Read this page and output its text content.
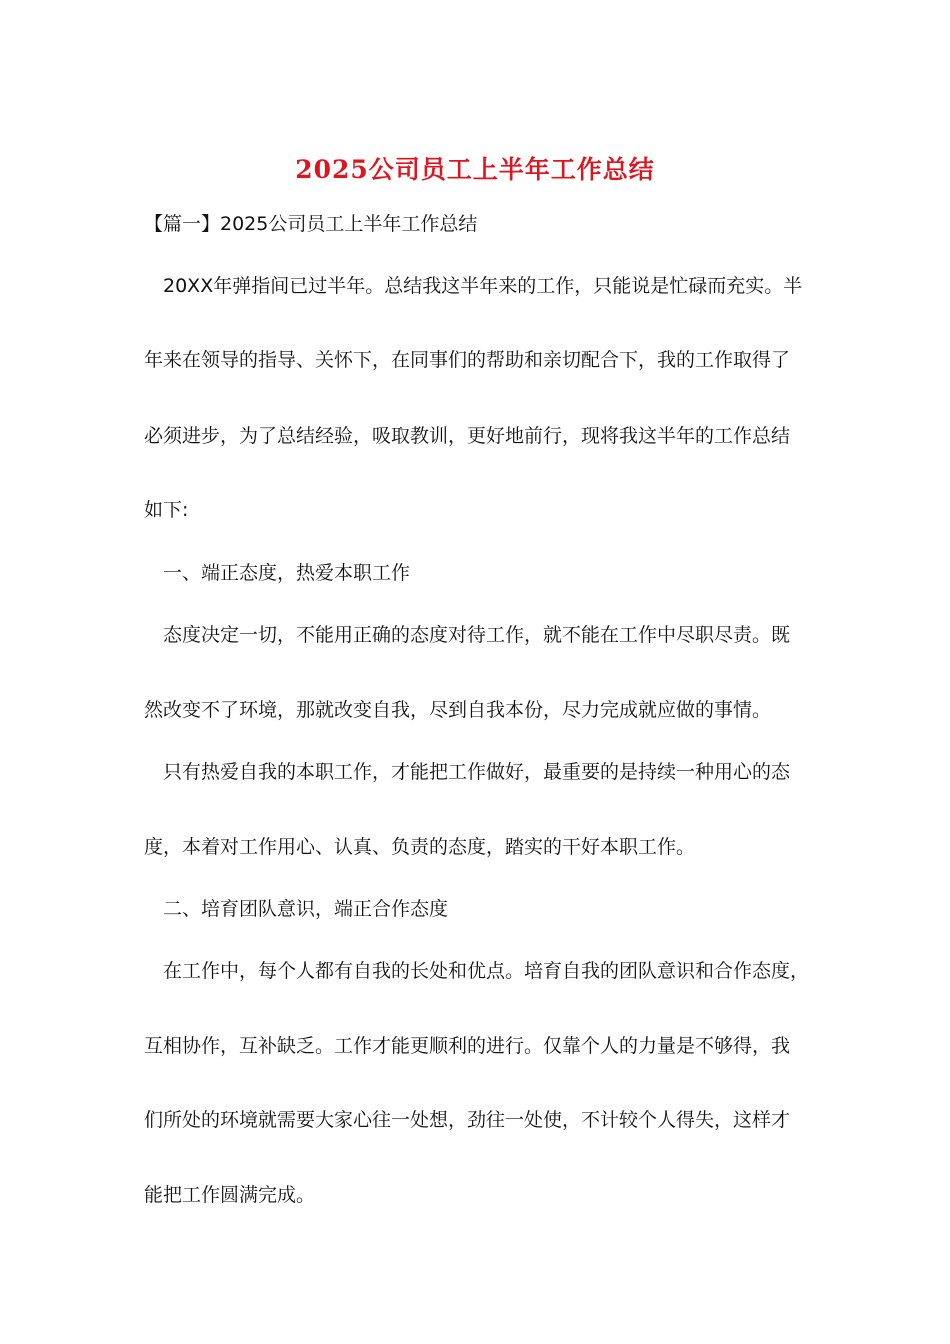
2025公司员工上半年工作总结
【篇一】2025公司员工上半年工作总结
20XX年弹指间已过半年。总结我这半年来的工作，只能说是忙碌而充实。半
年来在领导的指导、关怀下，在同事们的帮助和亲切配合下，我的工作取得了
必须进步，为了总结经验，吸取教训，更好地前行，现将我这半年的工作总结
如下:
一、端正态度，热爱本职工作
态度决定一切，不能用正确的态度对待工作，就不能在工作中尽职尽责。既
然改变不了环境，那就改变自我，尽到自我本份，尽力完成就应做的事情。
只有热爱自我的本职工作，才能把工作做好，最重要的是持续一种用心的态
度，本着对工作用心、认真、负责的态度，踏实的干好本职工作。
二、培育团队意识，端正合作态度
在工作中，每个人都有自我的长处和优点。培育自我的团队意识和合作态度，
互相协作，互补缺乏。工作才能更顺利的进行。仅靠个人的力量是不够得，我
们所处的环境就需要大家心往一处想，劲往一处使，不计较个人得失，这样才
能把工作圆满完成。
